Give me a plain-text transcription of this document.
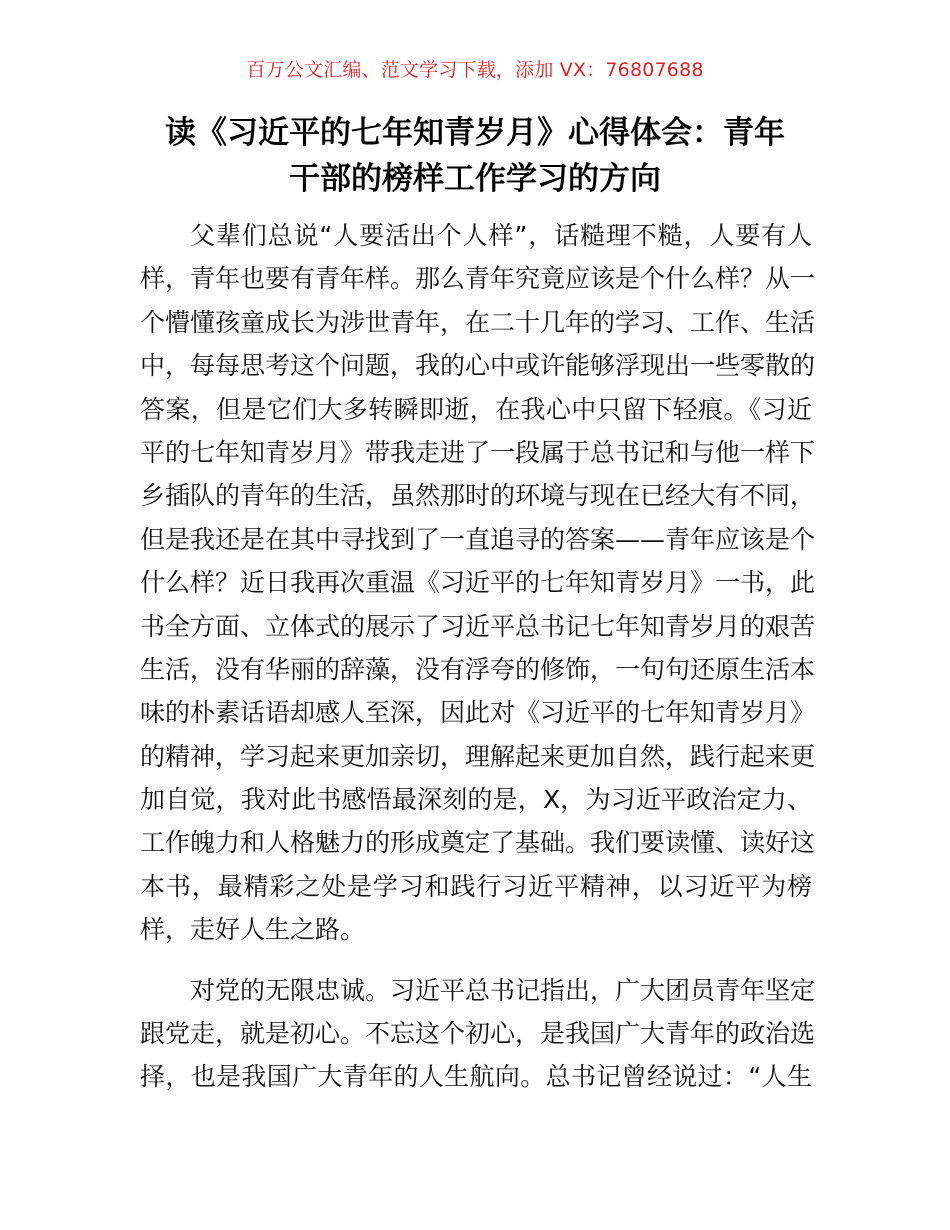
百万公文汇编、范文学习下载，添加 VX：76807688
读《习近平的七年知青岁月》心得体会：青年
干部的榜样工作学习的方向

父辈们总说“人要活出个人样”，话糙理不糙，人要有人
样，青年也要有青年样。那么青年究竟应该是个什么样？从一
个懵懂孩童成长为涉世青年，在二十几年的学习、工作、生活
中，每每思考这个问题，我的心中或许能够浮现出一些零散的
答案，但是它们大多转瞬即逝，在我心中只留下轻痕。《习近
平的七年知青岁月》带我走进了一段属于总书记和与他一样下
乡插队的青年的生活，虽然那时的环境与现在已经大有不同，
但是我还是在其中寻找到了一直追寻的答案——青年应该是个
什么样？近日我再次重温《习近平的七年知青岁月》一书，此
书全方面、立体式的展示了习近平总书记七年知青岁月的艰苦
生活，没有华丽的辞藻，没有浮夸的修饰，一句句还原生活本
味的朴素话语却感人至深，因此对《习近平的七年知青岁月》
的精神，学习起来更加亲切，理解起来更加自然，践行起来更
加自觉，我对此书感悟最深刻的是，X，为习近平政治定力、
工作魄力和人格魅力的形成奠定了基础。我们要读懂、读好这
本书，最精彩之处是学习和践行习近平精神，以习近平为榜
样，走好人生之路。

对党的无限忠诚。习近平总书记指出，广大团员青年坚定
跟党走，就是初心。不忘这个初心，是我国广大青年的政治选
择，也是我国广大青年的人生航向。总书记曾经说过：“人生
